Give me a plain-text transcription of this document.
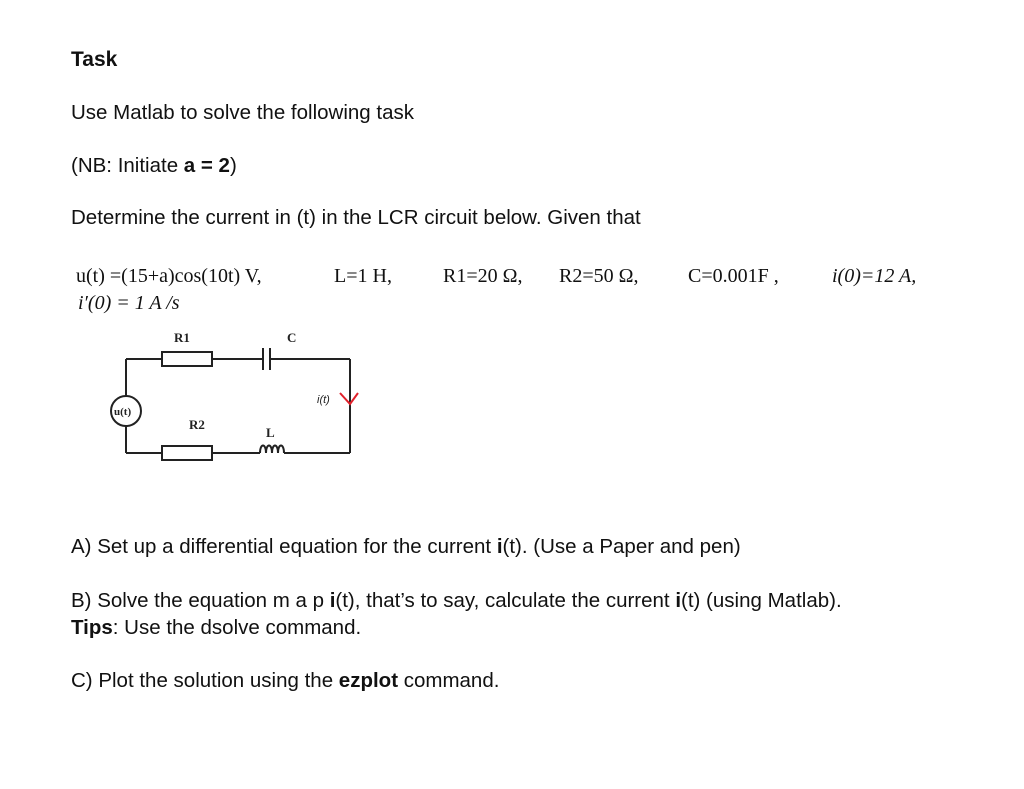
Task
Use Matlab to solve the following task
(NB: Initiate a = 2)
Determine the current in (t) in the LCR circuit below. Given that
u(t) =(15+a)cos(10t) V,	L=1 H,	R1=20 Ω, R2=50 Ω, C=0.001F ,	i(0)=12 A,
i′(0) = 1 A /s
R1	C
u(t)
i(t)
R2
L
A) Set up a differential equation for the current i(t). (Use a Paper and pen)
B) Solve the equation m a p i(t), that’s to say, calculate the current i(t) (using Matlab).
Tips: Use the dsolve command.
C) Plot the solution using the ezplot command.
